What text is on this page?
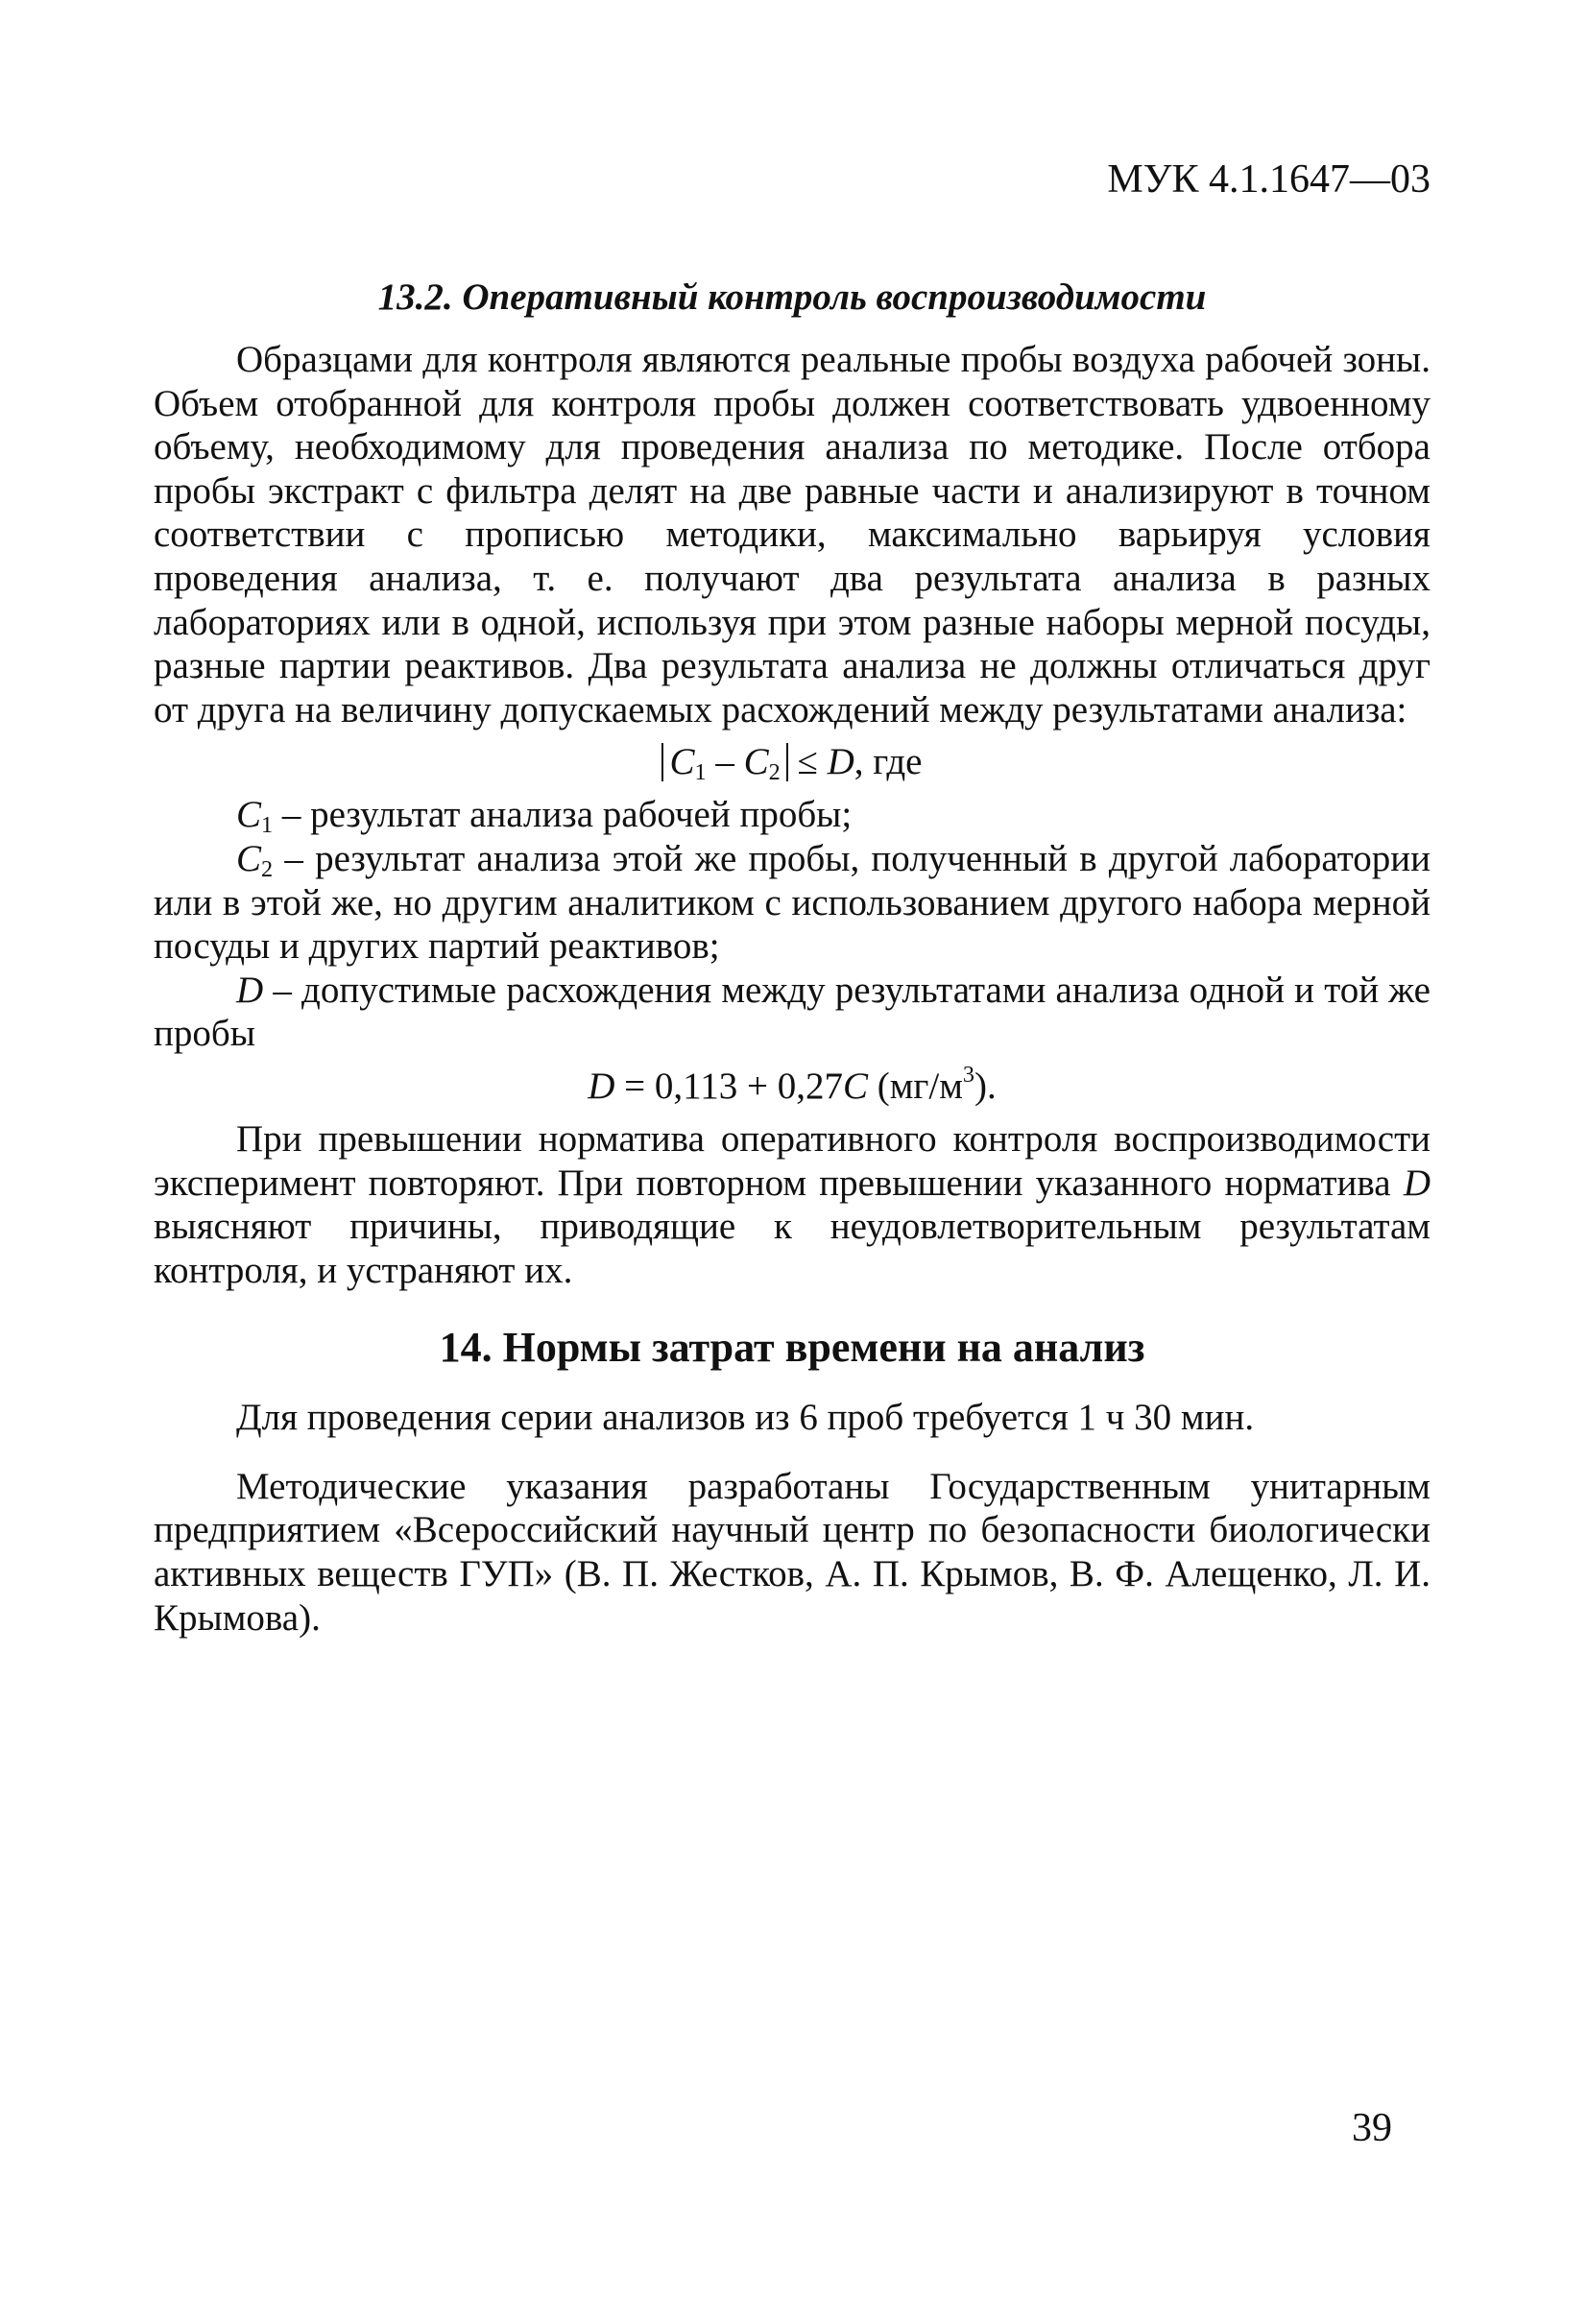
МУК 4.1.1647—03
13.2. Оперативный контроль воспроизводимости

Образцами для контроля являются реальные пробы воздуха рабочей зоны. Объем отобранной для контроля пробы должен соответствовать удвоенному объему, необходимому для проведения анализа по методике. После отбора пробы экстракт с фильтра делят на две равные части и анализируют в точном соответствии с прописью методики, максимально варьируя условия проведения анализа, т. е. получают два результата анализа в разных лабораториях или в одной, используя при этом разные наборы мерной посуды, разные партии реактивов. Два результата анализа не должны отличаться друг от друга на величину допускаемых расхождений между результатами анализа:

$C_1 - C_2 \le D$, где

$C_1$ – результат анализа рабочей пробы;

$C_2$ – результат анализа этой же пробы, полученный в другой лаборатории или в этой же, но другим аналитиком с использованием другого набора мерной посуды и других партий реактивов;

D – допустимые расхождения между результатами анализа одной и той же пробы

D = 0,113 + 0,27C $(мг/м^3)$.

При превышении норматива оперативного контроля воспроизводимости эксперимент повторяют. При повторном превышении указанного норматива D выясняют причины, приводящие к неудовлетворительным результатам контроля, и устраняют их.

14. Нормы затрат времени на анализ

Для проведения серии анализов из 6 проб требуется 1 ч 30 мин.

Методические указания разработаны Государственным унитарным предприятием «Всероссийский научный центр по безопасности биологически активных веществ ГУП» (В. П. Жестков, А. П. Крымов, В. Ф. Алещенко, Л. И. Крымова).

39
